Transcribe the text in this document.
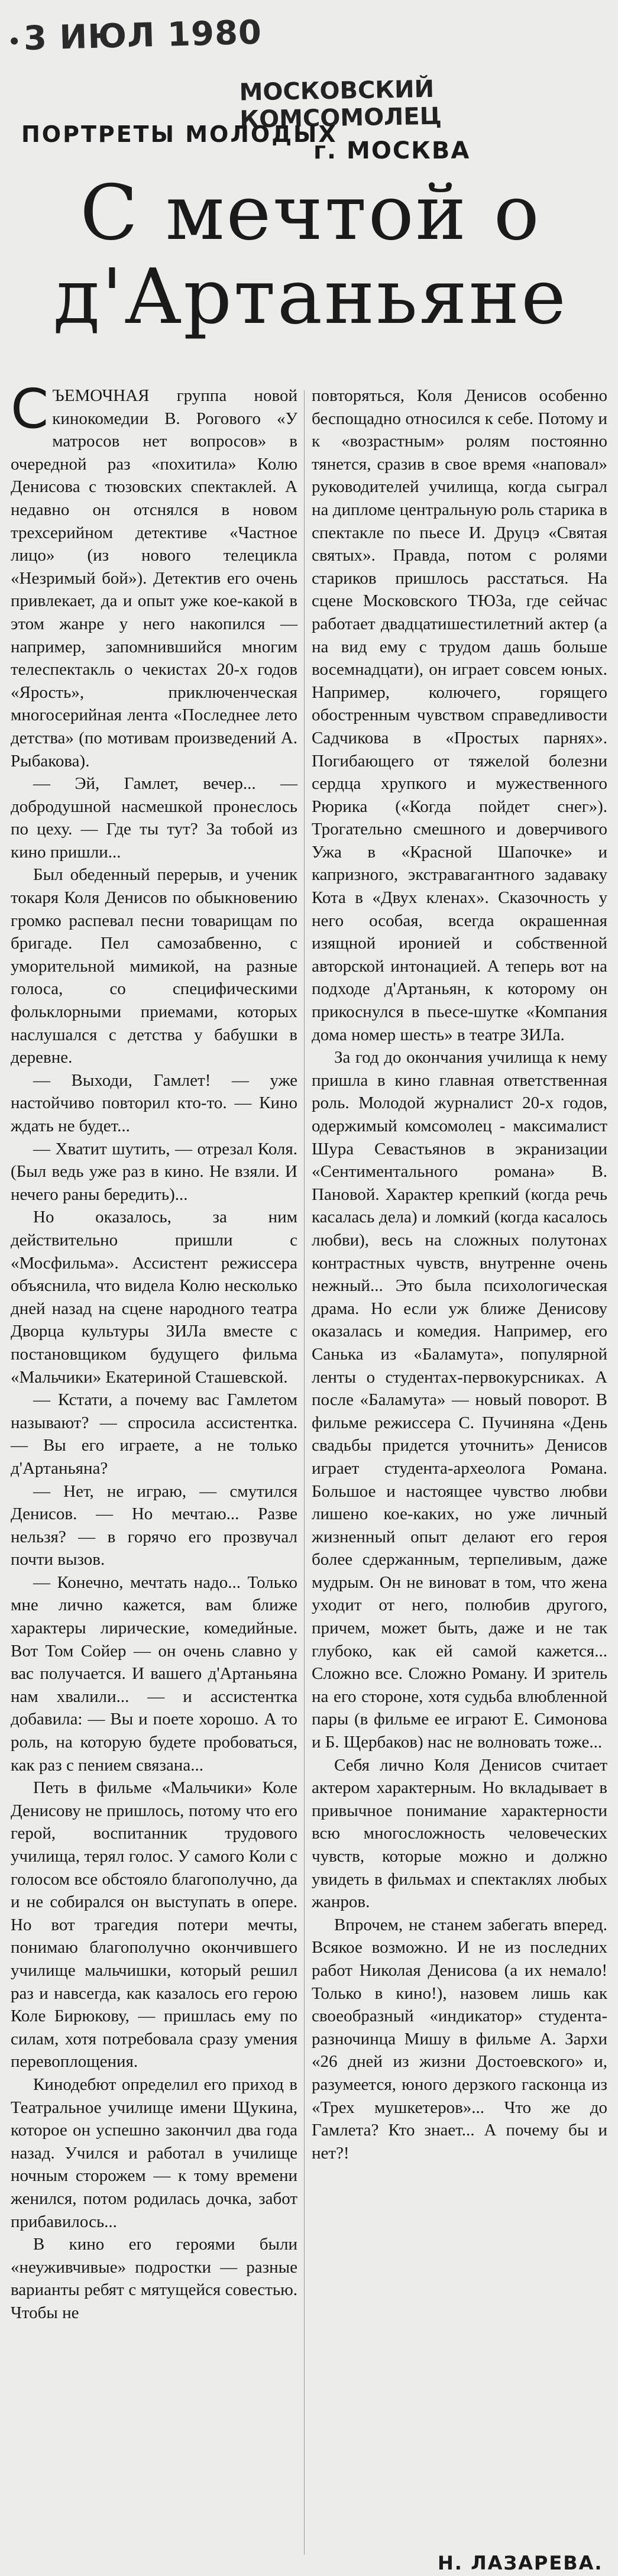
3 ИЮЛ 1980
МОСКОВСКИЙ КОМСОМОЛЕЦ
ПОРТРЕТЫ МОЛОДЫХ
г. МОСКВА
С мечтой о д'Артаньяне

СЪЕМОЧНАЯ группа новой кинокомедии В. Рогового «У матросов нет вопросов» в очередной раз «похитила» Колю Денисова с тюзовских спектаклей. А недавно он отснялся в новом трехсерийном детективе «Частное лицо» (из нового телецикла «Незримый бой»). Детектив его очень привлекает, да и опыт уже кое-какой в этом жанре у него накопился — например, запомнившийся многим телеспектакль о чекистах 20-х годов «Ярость», приключенческая многосерийная лента «Последнее лето детства» (по мотивам произведений А. Рыбакова).

— Эй, Гамлет, вечер... — добродушной насмешкой пронеслось по цеху. — Где ты тут? За тобой из кино пришли...

Был обеденный перерыв, и ученик токаря Коля Денисов по обыкновению громко распевал песни товарищам по бригаде. Пел самозабвенно, с уморительной мимикой, на разные голоса, со специфическими фольклорными приемами, которых наслушался с детства у бабушки в деревне.

— Выходи, Гамлет! — уже настойчиво повторил кто-то. — Кино ждать не будет...

— Хватит шутить, — отрезал Коля. (Был ведь уже раз в кино. Не взяли. И нечего раны бередить)...

Но оказалось, за ним действительно пришли с «Мосфильма». Ассистент режиссера объяснила, что видела Колю несколько дней назад на сцене народного театра Дворца культуры ЗИЛа вместе с постановщиком будущего фильма «Мальчики» Екатериной Сташевской.

— Кстати, а почему вас Гамлетом называют? — спросила ассистентка. — Вы его играете, а не только д'Артаньяна?

— Нет, не играю, — смутился Денисов. — Но мечтаю... Разве нельзя? — в горячо его прозвучал почти вызов.

— Конечно, мечтать надо... Только мне лично кажется, вам ближе характеры лирические, комедийные. Вот Том Сойер — он очень славно у вас получается. И вашего д'Артаньяна нам хвалили... — и ассистентка добавила: — Вы и поете хорошо. А то роль, на которую будете пробоваться, как раз с пением связана...

Петь в фильме «Мальчики» Коле Денисову не пришлось, потому что его герой, воспитанник трудового училища, терял голос. У самого Коли с голосом все обстояло благополучно, да и не собирался он выступать в опере. Но вот трагедия потери мечты, понимаю благополучно окончившего училище мальчишки, который решил раз и навсегда, как казалось его герою Коле Бирюкову, — пришлась ему по силам, хотя потребовала сразу умения перевоплощения.

Кинодебют определил его приход в Театральное училище имени Щукина, которое он успешно закончил два года назад. Учился и работал в училище ночным сторожем — к тому времени женился, потом родилась дочка, забот прибавилось...

В кино его героями были «неуживчивые» подростки — разные варианты ребят с мятущейся совестью. Чтобы не

повторяться, Коля Денисов особенно беспощадно относился к себе. Потому и к «возрастным» ролям постоянно тянется, сразив в свое время «наповал» руководителей училища, когда сыграл на дипломе центральную роль старика в спектакле по пьесе И. Друцэ «Святая святых». Правда, потом с ролями стариков пришлось расстаться. На сцене Московского ТЮЗа, где сейчас работает двадцатишестилетний актер (а на вид ему с трудом дашь больше восемнадцати), он играет совсем юных. Например, колючего, горящего обостренным чувством справедливости Садчикова в «Простых парнях». Погибающего от тяжелой болезни сердца хрупкого и мужественного Рюрика («Когда пойдет снег»). Трогательно смешного и доверчивого Ужа в «Красной Шапочке» и капризного, экстравагантного задаваку Кота в «Двух кленах». Сказочность у него особая, всегда окрашенная изящной иронией и собственной авторской интонацией. А теперь вот на подходе д'Артаньян, к которому он прикоснулся в пьесе-шутке «Компания дома номер шесть» в театре ЗИЛа.

За год до окончания училища к нему пришла в кино главная ответственная роль. Молодой журналист 20-х годов, одержимый комсомолец - максималист Шура Севастьянов в экранизации «Сентиментального романа» В. Пановой. Характер крепкий (когда речь касалась дела) и ломкий (когда касалось любви), весь на сложных полутонах контрастных чувств, внутренне очень нежный... Это была психологическая драма. Но если уж ближе Денисову оказалась и комедия. Например, его Санька из «Баламута», популярной ленты о студентах-первокурсниках. А после «Баламута» — новый поворот. В фильме режиссера С. Пучиняна «День свадьбы придется уточнить» Денисов играет студента-археолога Романа. Большое и настоящее чувство любви лишено кое-каких, но уже личный жизненный опыт делают его героя более сдержанным, терпеливым, даже мудрым. Он не виноват в том, что жена уходит от него, полюбив другого, причем, может быть, даже и не так глубоко, как ей самой кажется... Сложно все. Сложно Роману. И зритель на его стороне, хотя судьба влюбленной пары (в фильме ее играют Е. Симонова и Б. Щербаков) нас не волновать тоже...

Себя лично Коля Денисов считает актером характерным. Но вкладывает в привычное понимание характерности всю многосложность человеческих чувств, которые можно и должно увидеть в фильмах и спектаклях любых жанров.

Впрочем, не станем забегать вперед. Всякое возможно. И не из последних работ Николая Денисова (а их немало! Только в кино!), назовем лишь как своеобразный «индикатор» студента-разночинца Мишу в фильме А. Зархи «26 дней из жизни Достоевского» и, разумеется, юного дерзкого гасконца из «Трех мушкетеров»... Что же до Гамлета? Кто знает... А почему бы и нет?!

Н. ЛАЗАРЕВА.
